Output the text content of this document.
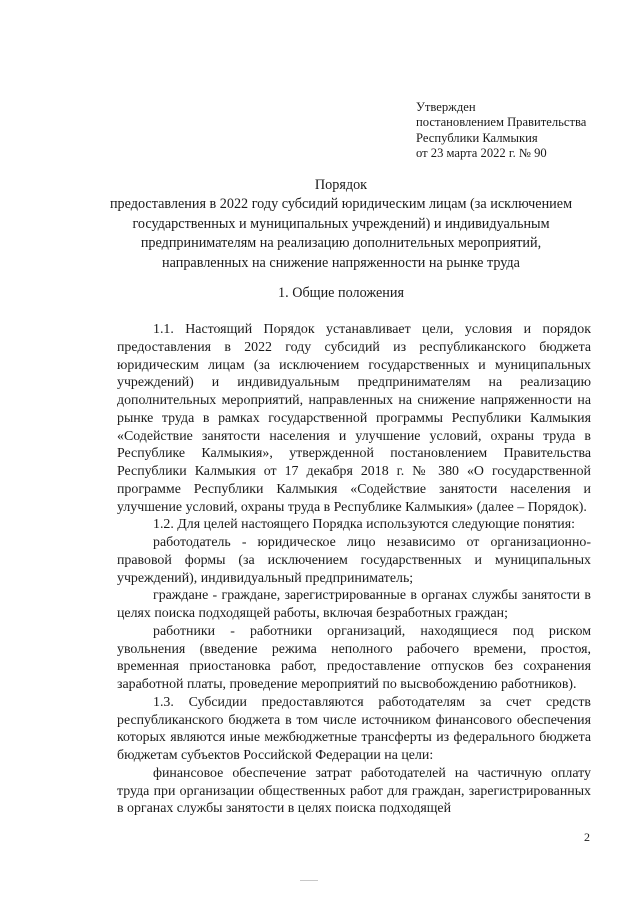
Утвержден
постановлением Правительства
Республики Калмыкия
от 23 марта 2022 г. № 90
Порядок
предоставления в 2022 году субсидий юридическим лицам (за исключением
государственных и муниципальных учреждений) и индивидуальным
предпринимателям на реализацию дополнительных мероприятий,
направленных на снижение напряженности на рынке труда
1. Общие положения

1.1. Настоящий Порядок устанавливает цели, условия и порядок предоставления в 2022 году субсидий из республиканского бюджета юридическим лицам (за исключением государственных и муниципальных учреждений) и индивидуальным предпринимателям на реализацию дополнительных мероприятий, направленных на снижение напряженности на рынке труда в рамках государственной программы Республики Калмыкия «Содействие занятости населения и улучшение условий, охраны труда в Республике Калмыкия», утвержденной постановлением Правительства Республики Калмыкия от 17 декабря 2018 г. № 380 «О государственной программе Республики Калмыкия «Содействие занятости населения и улучшение условий, охраны труда в Республике Калмыкия» (далее – Порядок).

1.2. Для целей настоящего Порядка используются следующие понятия:

работодатель - юридическое лицо независимо от организационно-правовой формы (за исключением государственных и муниципальных учреждений), индивидуальный предприниматель;

граждане - граждане, зарегистрированные в органах службы занятости в целях поиска подходящей работы, включая безработных граждан;

работники - работники организаций, находящиеся под риском увольнения (введение режима неполного рабочего времени, простоя, временная приостановка работ, предоставление отпусков без сохранения заработной платы, проведение мероприятий по высвобождению работников).

1.3. Субсидии предоставляются работодателям за счет средств республиканского бюджета в том числе источником финансового обеспечения которых являются иные межбюджетные трансферты из федерального бюджета бюджетам субъектов Российской Федерации на цели:

финансовое обеспечение затрат работодателей на частичную оплату труда при организации общественных работ для граждан, зарегистрированных в органах службы занятости в целях поиска подходящей

2
